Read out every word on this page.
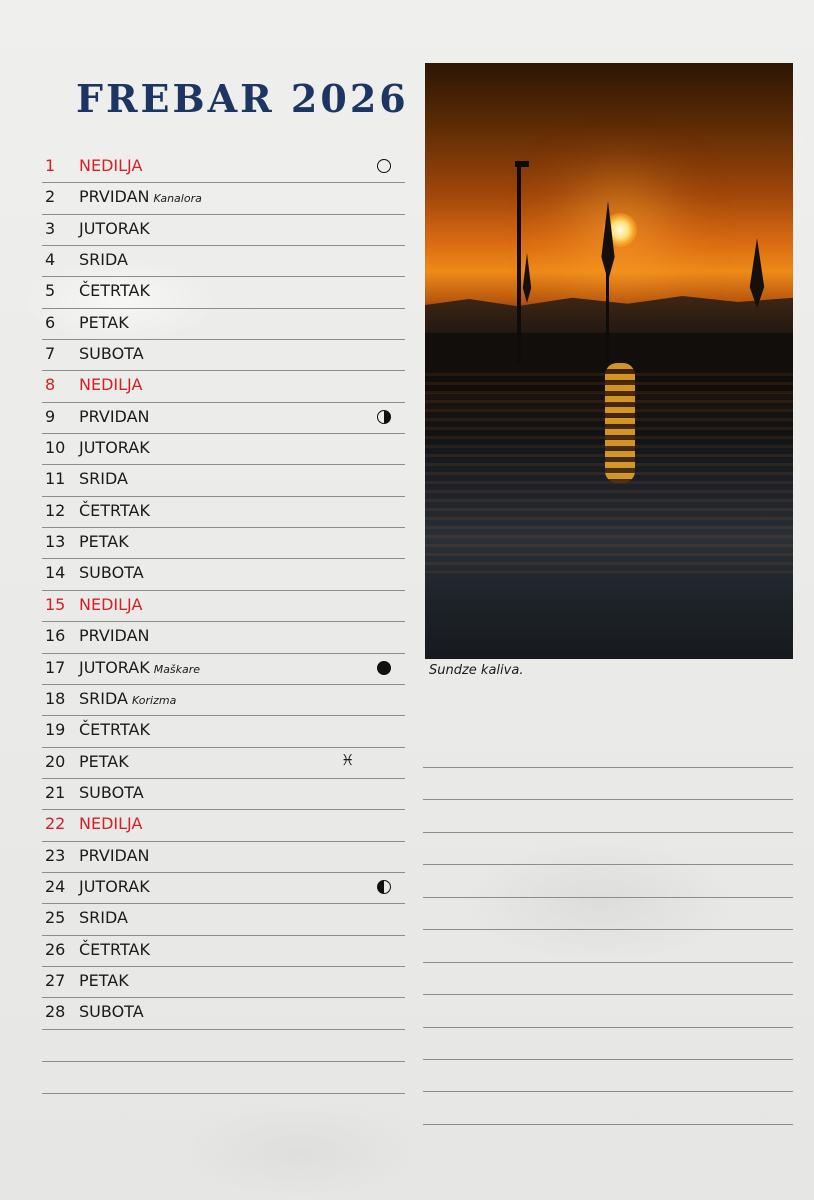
FREBAR 2026
1 NEDILJA
2 PRVIDAN Kanalora
3 JUTORAK
4 SRIDA
5 ČETRTAK
6 PETAK
7 SUBOTA
8 NEDILJA
9 PRVIDAN
10 JUTORAK
11 SRIDA
12 ČETRTAK
13 PETAK
14 SUBOTA
15 NEDILJA
16 PRVIDAN
17 JUTORAK Maškare
18 SRIDA Korizma
19 ČETRTAK
20 PETAK	♓
21 SUBOTA
22 NEDILJA
23 PRVIDAN
24 JUTORAK
25 SRIDA
26 ČETRTAK
27 PETAK
28 SUBOTA

Sundze kaliva.
